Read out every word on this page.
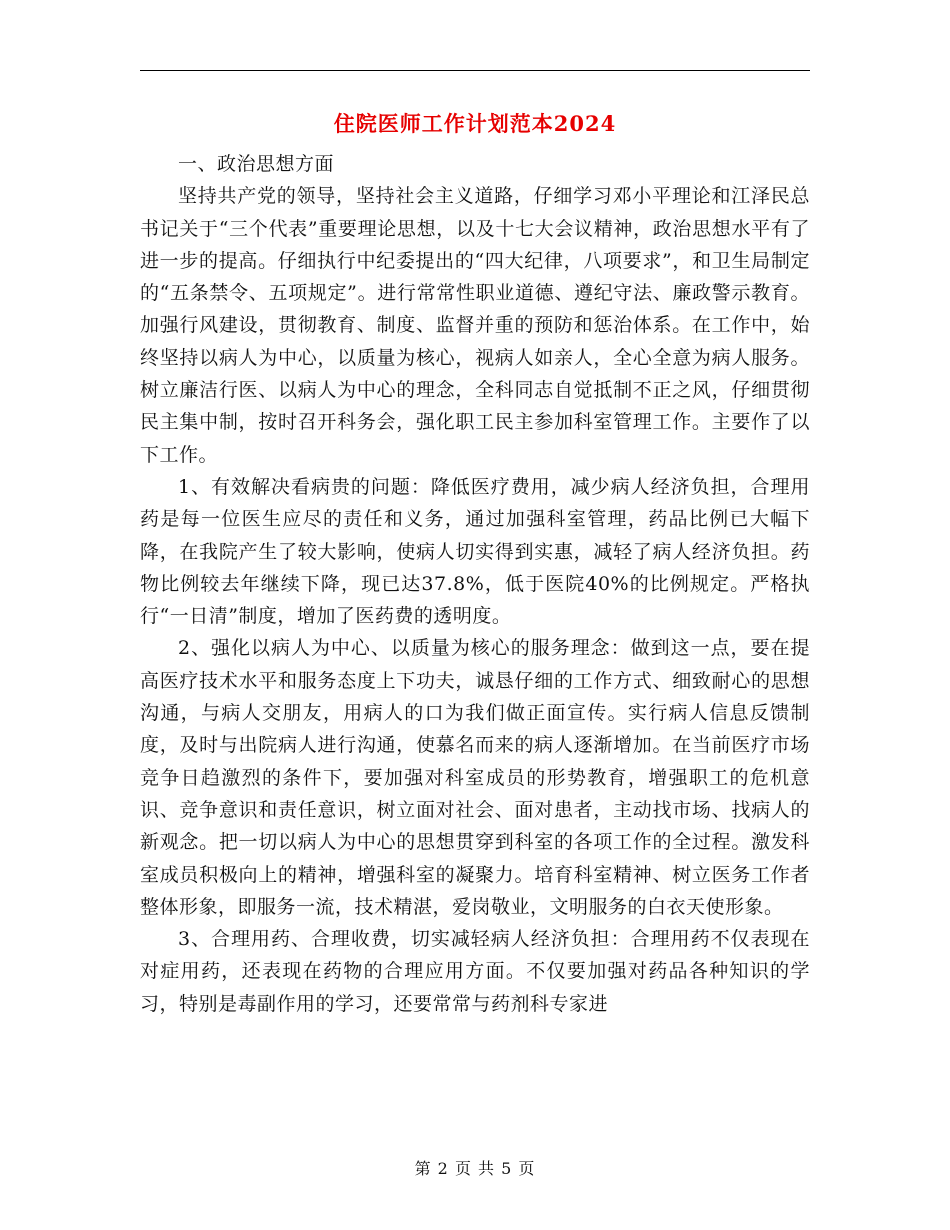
住院医师工作计划范本2024

一、政治思想方面

坚持共产党的领导，坚持社会主义道路，仔细学习邓小平理论和江泽民总书记关于“三个代表”重要理论思想，以及十七大会议精神，政治思想水平有了进一步的提高。仔细执行中纪委提出的“四大纪律，八项要求”，和卫生局制定的“五条禁令、五项规定”。进行常常性职业道德、遵纪守法、廉政警示教育。加强行风建设，贯彻教育、制度、监督并重的预防和惩治体系。在工作中，始终坚持以病人为中心，以质量为核心，视病人如亲人，全心全意为病人服务。树立廉洁行医、以病人为中心的理念，全科同志自觉抵制不正之风，仔细贯彻民主集中制，按时召开科务会，强化职工民主参加科室管理工作。主要作了以下工作。

1、有效解决看病贵的问题：降低医疗费用，减少病人经济负担，合理用药是每一位医生应尽的责任和义务，通过加强科室管理，药品比例已大幅下降，在我院产生了较大影响，使病人切实得到实惠，减轻了病人经济负担。药物比例较去年继续下降，现已达37.8%，低于医院40%的比例规定。严格执行“一日清”制度，增加了医药费的透明度。

2、强化以病人为中心、以质量为核心的服务理念：做到这一点，要在提高医疗技术水平和服务态度上下功夫，诚恳仔细的工作方式、细致耐心的思想沟通，与病人交朋友，用病人的口为我们做正面宣传。实行病人信息反馈制度，及时与出院病人进行沟通，使慕名而来的病人逐渐增加。在当前医疗市场竞争日趋激烈的条件下，要加强对科室成员的形势教育，增强职工的危机意识、竞争意识和责任意识，树立面对社会、面对患者，主动找市场、找病人的新观念。把一切以病人为中心的思想贯穿到科室的各项工作的全过程。激发科室成员积极向上的精神，增强科室的凝聚力。培育科室精神、树立医务工作者整体形象，即服务一流，技术精湛，爱岗敬业，文明服务的白衣天使形象。

3、合理用药、合理收费，切实减轻病人经济负担：合理用药不仅表现在对症用药，还表现在药物的合理应用方面。不仅要加强对药品各种知识的学习，特别是毒副作用的学习，还要常常与药剂科专家进

第 2 页 共 5 页
